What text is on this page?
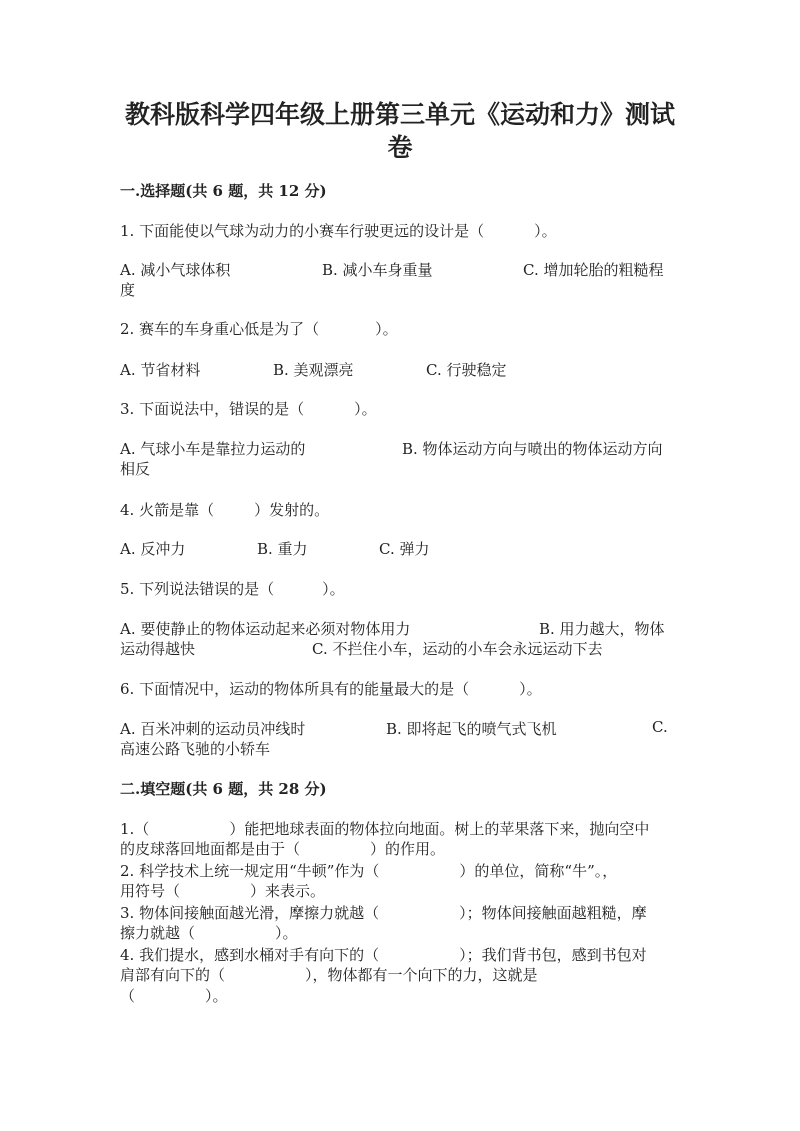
教科版科学四年级上册第三单元《运动和力》测试
卷
一.选择题(共 6 题，共 12 分)
1. 下面能使以气球为动力的小赛车行驶更远的设计是（	）。
A. 减小气球体积	B. 减小车身重量	C. 增加轮胎的粗糙程
度
2. 赛车的车身重心低是为了（	）。
A. 节省材料	B. 美观漂亮	C. 行驶稳定
3. 下面说法中，错误的是（	）。
A. 气球小车是靠拉力运动的	B. 物体运动方向与喷出的物体运动方向
相反
4. 火箭是靠（	）发射的。
A. 反冲力	B. 重力	C. 弹力
5. 下列说法错误的是（	）。
A. 要使静止的物体运动起来必须对物体用力	B. 用力越大，物体
运动得越快	C. 不拦住小车，运动的小车会永远运动下去
6. 下面情况中，运动的物体所具有的能量最大的是（	）。
A. 百米冲刺的运动员冲线时	B. 即将起飞的喷气式飞机	C.
高速公路飞驰的小轿车
二.填空题(共 6 题，共 28 分)
1.（	）能把地球表面的物体拉向地面。树上的苹果落下来，抛向空中
的皮球落回地面都是由于（	）的作用。
2. 科学技术上统一规定用“牛顿”作为（	）的单位，简称“牛”。，
用符号（	）来表示。
3. 物体间接触面越光滑，摩擦力就越（	）；物体间接触面越粗糙，摩
擦力就越（	）。
4. 我们提水，感到水桶对手有向下的（	）；我们背书包，感到书包对
肩部有向下的（	），物体都有一个向下的力，这就是
（	）。
